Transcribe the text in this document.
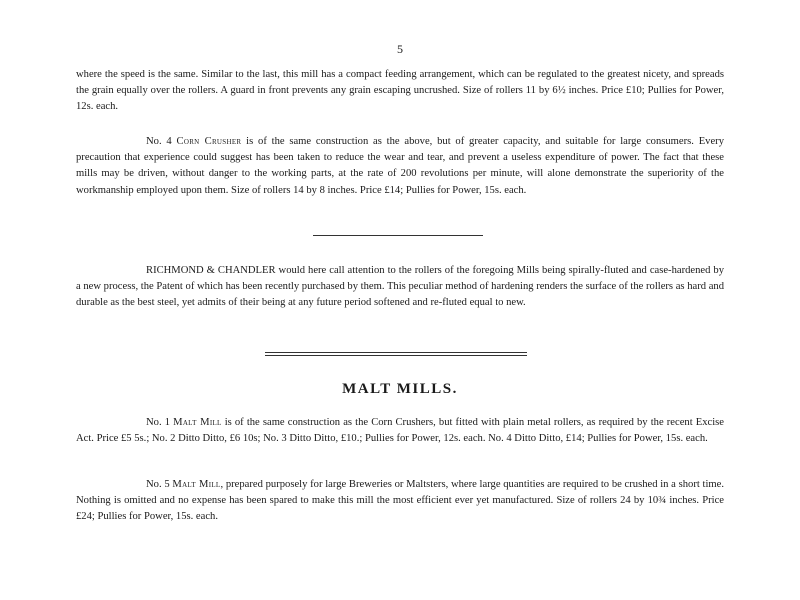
5

where the speed is the same. Similar to the last, this mill has a compact feeding arrangement, which can be regulated to the greatest nicety, and spreads the grain equally over the rollers. A guard in front prevents any grain escaping uncrushed. Size of rollers 11 by 6½ inches. Price £10; Pullies for Power, 12s. each.

No. 4 Corn Crusher is of the same construction as the above, but of greater capacity, and suitable for large consumers. Every precaution that experience could suggest has been taken to reduce the wear and tear, and prevent a useless expenditure of power. The fact that these mills may be driven, without danger to the working parts, at the rate of 200 revolutions per minute, will alone demonstrate the superiority of the workmanship employed upon them. Size of rollers 14 by 8 inches. Price £14; Pullies for Power, 15s. each.

RICHMOND & CHANDLER would here call attention to the rollers of the foregoing Mills being spirally-fluted and case-hardened by a new process, the Patent of which has been recently purchased by them. This peculiar method of hardening renders the surface of the rollers as hard and durable as the best steel, yet admits of their being at any future period softened and re-fluted equal to new.

MALT MILLS.

No. 1 Malt Mill is of the same construction as the Corn Crushers, but fitted with plain metal rollers, as required by the recent Excise Act. Price £5 5s.; No. 2 Ditto Ditto, £6 10s; No. 3 Ditto Ditto, £10.; Pullies for Power, 12s. each. No. 4 Ditto Ditto, £14; Pullies for Power, 15s. each.

No. 5 Malt Mill, prepared purposely for large Breweries or Maltsters, where large quantities are required to be crushed in a short time. Nothing is omitted and no expense has been spared to make this mill the most efficient ever yet manufactured. Size of rollers 24 by 10¾ inches. Price £24; Pullies for Power, 15s. each.
